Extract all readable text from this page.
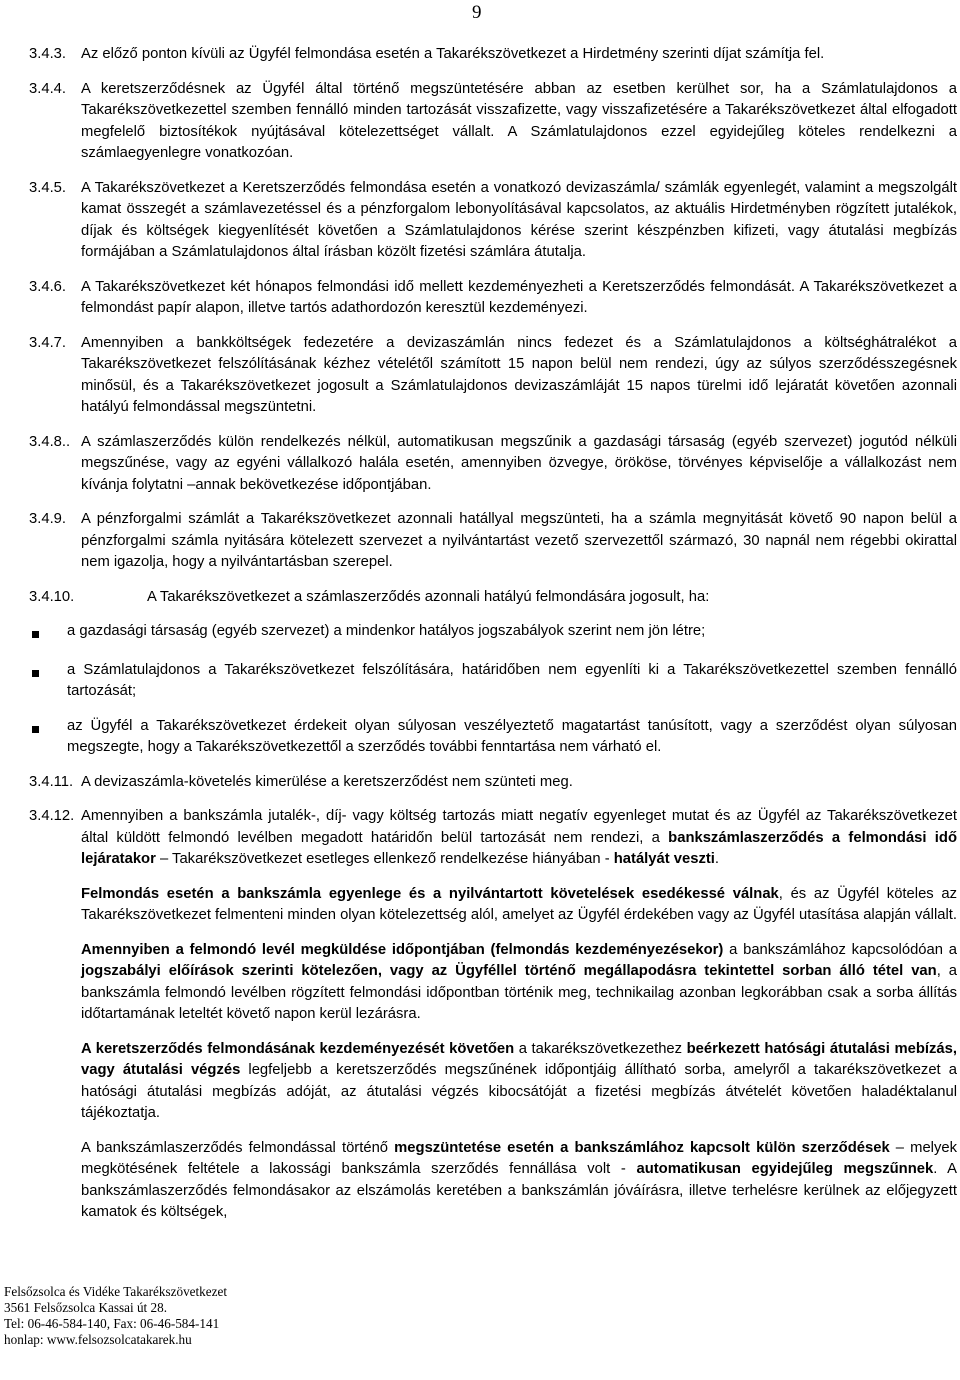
9
3.4.3.	Az előző ponton kívüli az Ügyfél felmondása esetén a Takarékszövetkezet a Hirdetmény szerinti díjat számítja fel.
3.4.4.	A keretszerződésnek az Ügyfél által történő megszüntetésére abban az esetben kerülhet sor, ha a Számlatulajdonos a Takarékszövetkezettel szemben fennálló minden tartozását visszafizette, vagy visszafizetésére a Takarékszövetkezet által elfogadott megfelelő biztosítékok nyújtásával kötelezettséget vállalt. A Számlatulajdonos ezzel egyidejűleg köteles rendelkezni a számlaegyenlegre vonatkozóan.
3.4.5.	A Takarékszövetkezet a Keretszerződés felmondása esetén a vonatkozó devizaszámla/ számlák egyenlegét, valamint a megszolgált kamat összegét a számlavezetéssel és a pénzforgalom lebonyolításával kapcsolatos, az aktuális Hirdetményben rögzített jutalékok, díjak és költségek kiegyenlítését követően a Számlatulajdonos kérése szerint készpénzben kifizeti, vagy átutalási megbízás formájában a Számlatulajdonos által írásban közölt fizetési számlára átutalja.
3.4.6.	A Takarékszövetkezet két hónapos felmondási idő mellett kezdeményezheti a Keretszerződés felmondását. A Takarékszövetkezet a felmondást papír alapon, illetve tartós adathordozón keresztül kezdeményezi.
3.4.7.	Amennyiben a bankköltségek fedezetére a devizaszámlán nincs fedezet és a Számlatulajdonos a költséghátralékot a Takarékszövetkezet felszólításának kézhez vételétől számított 15 napon belül nem rendezi, úgy az súlyos szerződésszegésnek minősül, és a Takarékszövetkezet jogosult a Számlatulajdonos devizaszámláját 15 napos türelmi idő lejáratát követően azonnali hatályú felmondással megszüntetni.
3.4.8.. A számlaszerződés külön rendelkezés nélkül, automatikusan megszűnik a gazdasági társaság (egyéb szervezet) jogutód nélküli megszűnése, vagy az egyéni vállalkozó halála esetén, amennyiben özvegye, örököse, törvényes képviselője a vállalkozást nem kívánja folytatni –annak bekövetkezése időpontjában.
3.4.9.	A pénzforgalmi számlát a Takarékszövetkezet azonnali hatállyal megszünteti, ha a számla megnyitását követő 90 napon belül a pénzforgalmi számla nyitására kötelezett szervezet a nyilvántartást vezető szervezettől származó, 30 napnál nem régebbi okirattal nem igazolja, hogy a nyilvántartásban szerepel.
3.4.10.	A Takarékszövetkezet a számlaszerződés azonnali hatályú felmondására jogosult, ha:
a gazdasági társaság (egyéb szervezet) a mindenkor hatályos jogszabályok szerint nem jön létre;
a Számlatulajdonos a Takarékszövetkezet felszólítására, határidőben nem egyenlíti ki a Takarékszövetkezettel szemben fennálló tartozását;
az Ügyfél a Takarékszövetkezet érdekeit olyan súlyosan veszélyeztető magatartást tanúsított, vagy a szerződést olyan súlyosan megszegte, hogy a Takarékszövetkezettől a szerződés további fenntartása nem várható el.
3.4.11. A devizaszámla-követelés kimerülése a keretszerződést nem szünteti meg.
3.4.12. Amennyiben a bankszámla jutalék-, díj- vagy költség tartozás miatt negatív egyenleget mutat és az Ügyfél az Takarékszövetkezet által küldött felmondó levélben megadott határidőn belül tartozását nem rendezi, a bankszámlaszerződés a felmondási idő lejáratakor – Takarékszövetkezet esetleges ellenkező rendelkezése hiányában - hatályát veszti.
Felmondás esetén a bankszámla egyenlege és a nyilvántartott követelések esedékessé válnak, és az Ügyfél köteles az Takarékszövetkezet felmenteni minden olyan kötelezettség alól, amelyet az Ügyfél érdekében vagy az Ügyfél utasítása alapján vállalt.
Amennyiben a felmondó levél megküldése időpontjában (felmondás kezdeményezésekor) a bankszámlához kapcsolódóan a jogszabályi előírások szerinti kötelezően, vagy az Ügyféllel történő megállapodásra tekintettel sorban álló tétel van, a bankszámla felmondó levélben rögzített felmondási időpontban történik meg, technikailag azonban legkorábban csak a sorba állítás időtartamának leteltét követő napon kerül lezárásra.
A keretszerződés felmondásának kezdeményezését követően a takarékszövetkezethez beérkezett hatósági átutalási mebízás, vagy átutalási végzés legfeljebb a keretszerződés megszűnének időpontjáig állítható sorba, amelyről a takarékszövetkezet a hatósági átutalási megbízás adóját, az átutalási végzés kibocsátóját a fizetési megbízás átvételét követően haladéktalanul tájékoztatja.
A bankszámlaszerződés felmondással történő megszüntetése esetén a bankszámlához kapcsolt külön szerződések – melyek megkötésének feltétele a lakossági bankszámla szerződés fennállása volt - automatikusan egyidejűleg megszűnnek. A bankszámlaszerződés felmondásakor az elszámolás keretében a bankszámlán jóváírásra, illetve terhelésre kerülnek az előjegyzett kamatok és költségek,
Felsőzsolca és Vidéke Takarékszövetkezet
3561 Felsőzsolca Kassai út 28.
Tel: 06-46-584-140, Fax: 06-46-584-141
honlap: www.felsozsolcatakarek.hu
